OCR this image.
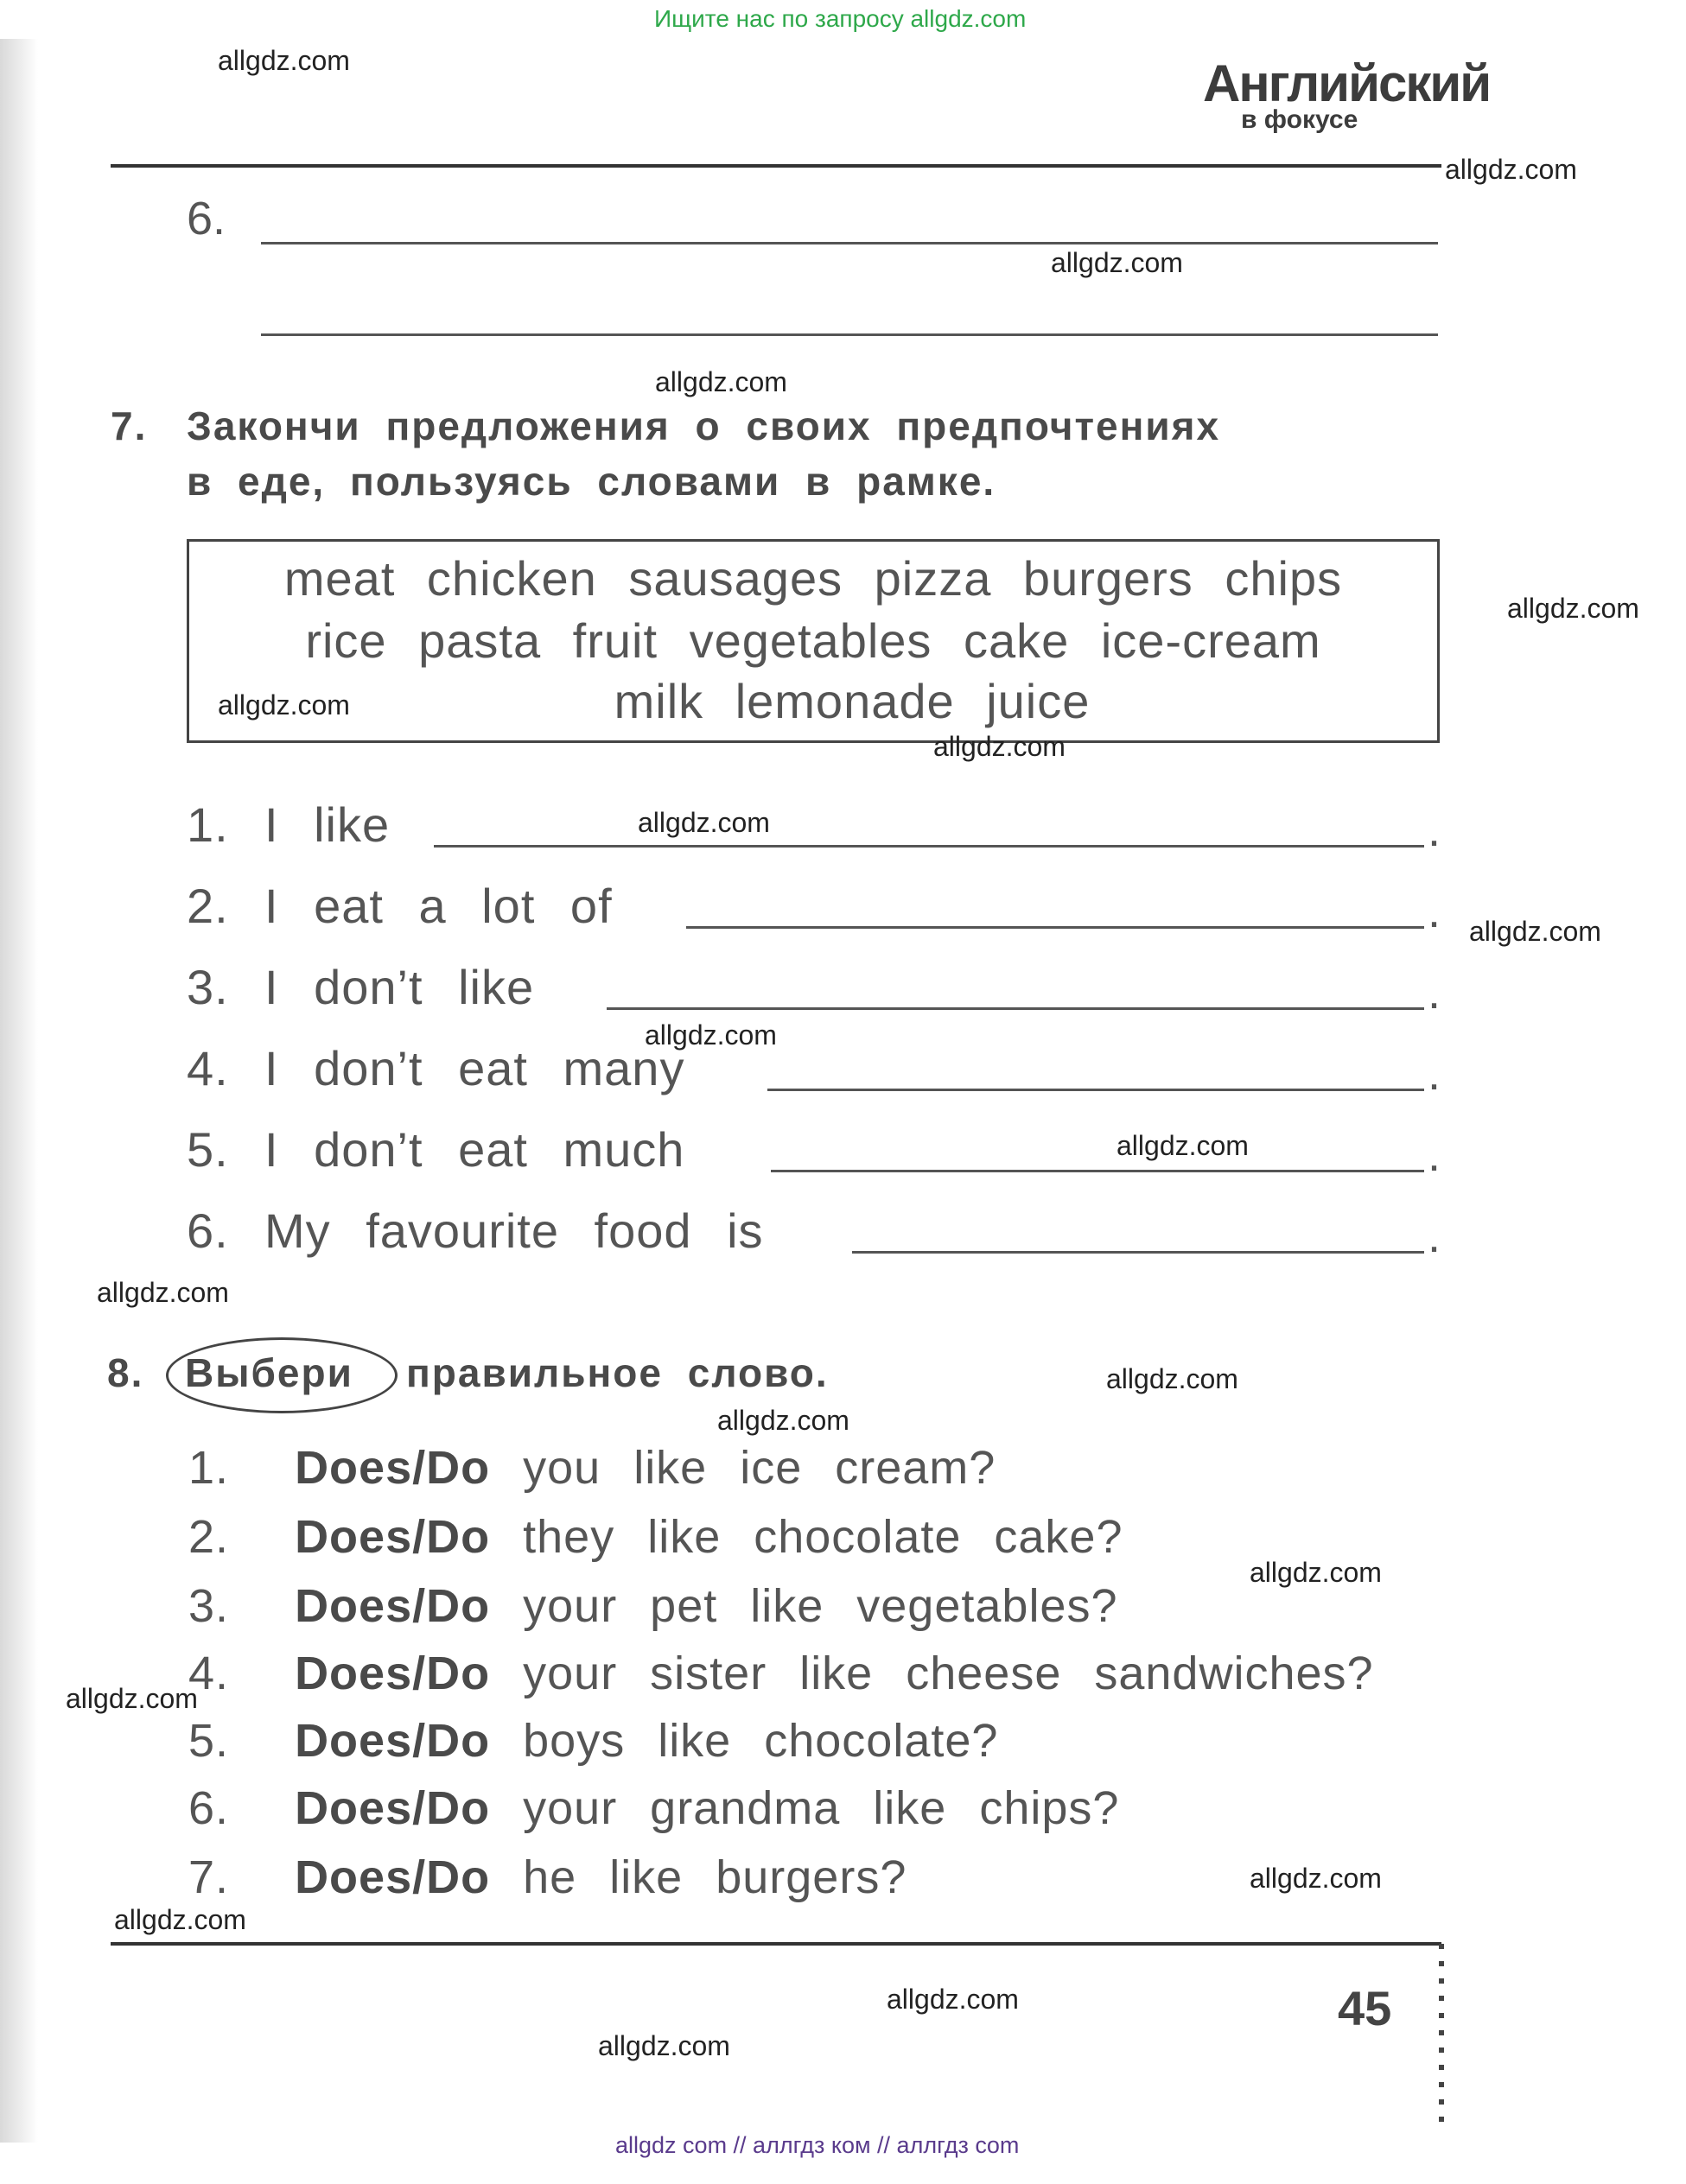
Ищите нас по запросу allgdz.com
Английский
в фокусе
6.
7. Закончи предложения о своих предпочтениях
в еде, пользуясь словами в рамке.
meat chicken sausages pizza burgers chips
rice pasta fruit vegetables cake ice-cream
milk lemonade juice
1. I like	.
2. I eat a lot of	.
3. I don’t like	.
4. I don’t eat many	.
5. I don’t eat much	.
6. My favourite food is	.
8. Выбери правильное слово.
1. Does/Do you like ice cream?
2. Does/Do they like chocolate cake?
3. Does/Do your pet like vegetables?
4. Does/Do your sister like cheese sandwiches?
5. Does/Do boys like chocolate?
6. Does/Do your grandma like chips?
7. Does/Do he like burgers?
45
allgdz.com
allgdz.com
allgdz.com
allgdz.com
allgdz.com
allgdz.com
allgdz.com
allgdz.com
allgdz.com
allgdz.com
allgdz.com
allgdz.com
allgdz.com
allgdz.com
allgdz.com
allgdz.com
allgdz.com
allgdz.com
allgdz.com
allgdz.com
allgdz com // аллгдз ком // аллгдз com
